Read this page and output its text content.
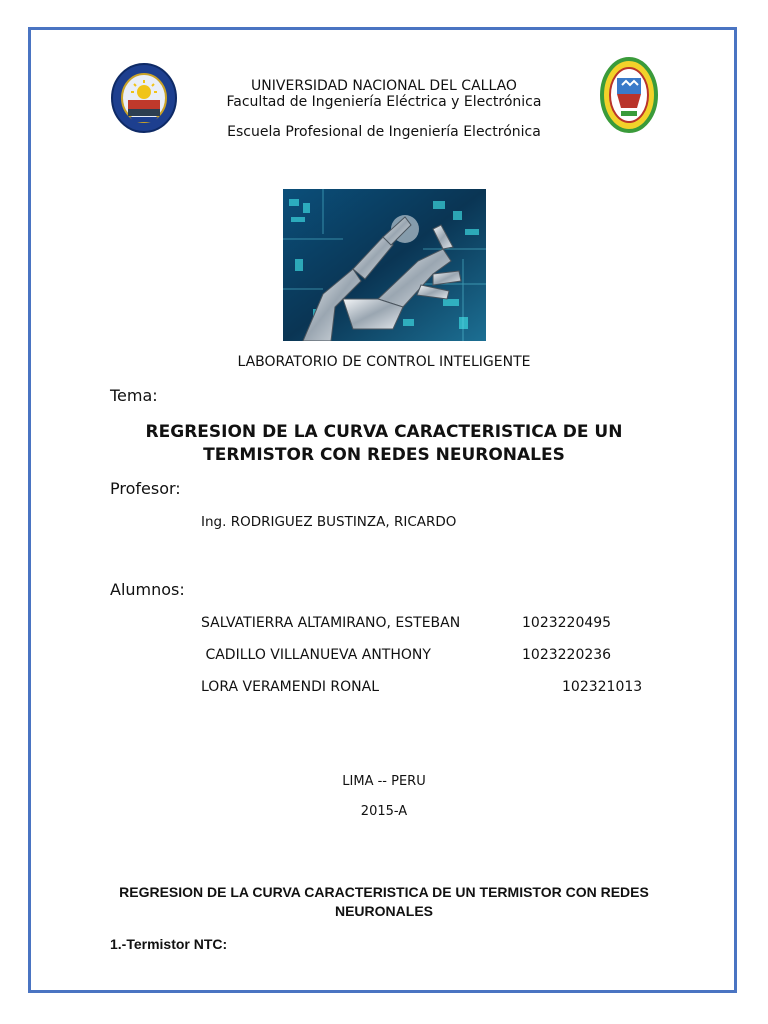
UNIVERSIDAD NACIONAL DEL CALLAO
Facultad de Ingeniería Eléctrica y Electrónica
Escuela Profesional de Ingeniería Electrónica
LABORATORIO DE CONTROL INTELIGENTE
Tema:
REGRESION DE LA CURVA CARACTERISTICA DE UN TERMISTOR CON REDES NEURONALES
Profesor:
Ing. RODRIGUEZ BUSTINZA, RICARDO
Alumnos:
SALVATIERRA ALTAMIRANO, ESTEBAN	1023220495
CADILLO VILLANUEVA ANTHONY	1023220236
LORA VERAMENDI RONAL	102321013
LIMA -- PERU
2015-A
REGRESION DE LA CURVA CARACTERISTICA DE UN TERMISTOR CON REDES NEURONALES
1.-Termistor NTC:
